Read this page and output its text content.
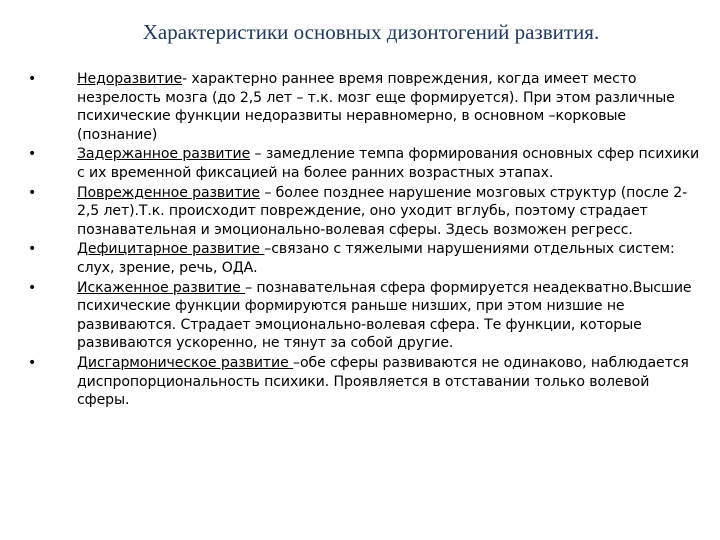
Характеристики основных дизонтогений развития.
•	Недоразвитие- характерно раннее время повреждения, когда имеет место незрелость мозга (до 2,5 лет – т.к. мозг еще формируется). При этом различные психические функции недоразвиты неравномерно, в основном –корковые (познание)
•	Задержанное развитие – замедление темпа формирования основных сфер психики с их временной фиксацией на более ранних возрастных этапах.
•	Поврежденное развитие – более позднее нарушение мозговых структур (после 2-2,5 лет).Т.к. происходит повреждение, оно уходит вглубь, поэтому страдает познавательная и эмоционально-волевая сферы. Здесь возможен регресс.
•	Дефицитарное развитие –связано с тяжелыми нарушениями отдельных систем: слух, зрение, речь, ОДА.
•	Искаженное развитие – познавательная сфера формируется неадекватно.Высшие психические функции формируются раньше низших, при этом низшие не развиваются. Страдает эмоционально-волевая сфера. Те функции, которые развиваются ускоренно, не тянут за собой другие.
•	Дисгармоническое развитие –обе сферы развиваются не одинаково, наблюдается диспропорциональность психики. Проявляется в отставании только волевой сферы.
